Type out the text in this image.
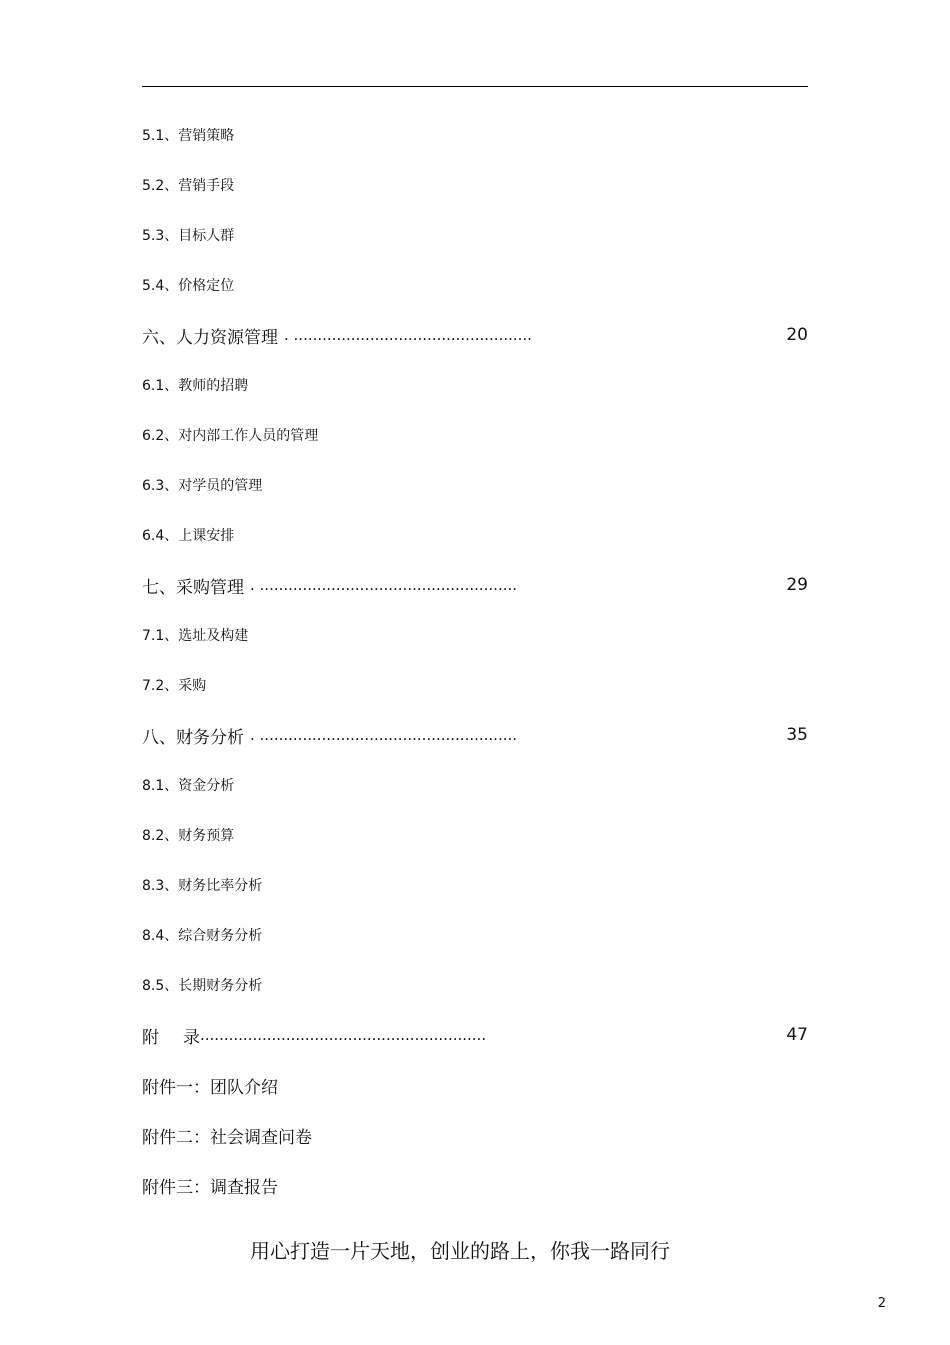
5.1、 营销策略
5.2、 营销手段
5.3、 目标人群
5.4、 价格定位
六、 人力资源管理 . ..................................................	20
6.1、 教师的招聘
6.2、 对内部工作人员的管理
6.3、 对学员的管理
6.4、 上课安排
七、 采购管理 . ......................................................	29
7.1、 选址及构建
7.2、 采购
八、 财务分析 . ......................................................	35
8.1、 资金分析
8.2、 财务预算
8.3、 财务比率分析
8.4、 综合财务分析
8.5、 长期财务分析
附 录 ............................................................	47
附件一： 团队介绍
附件二： 社会调查问卷
附件三： 调查报告
用心打造一片天地，创业的路上，你我一路同行
2
